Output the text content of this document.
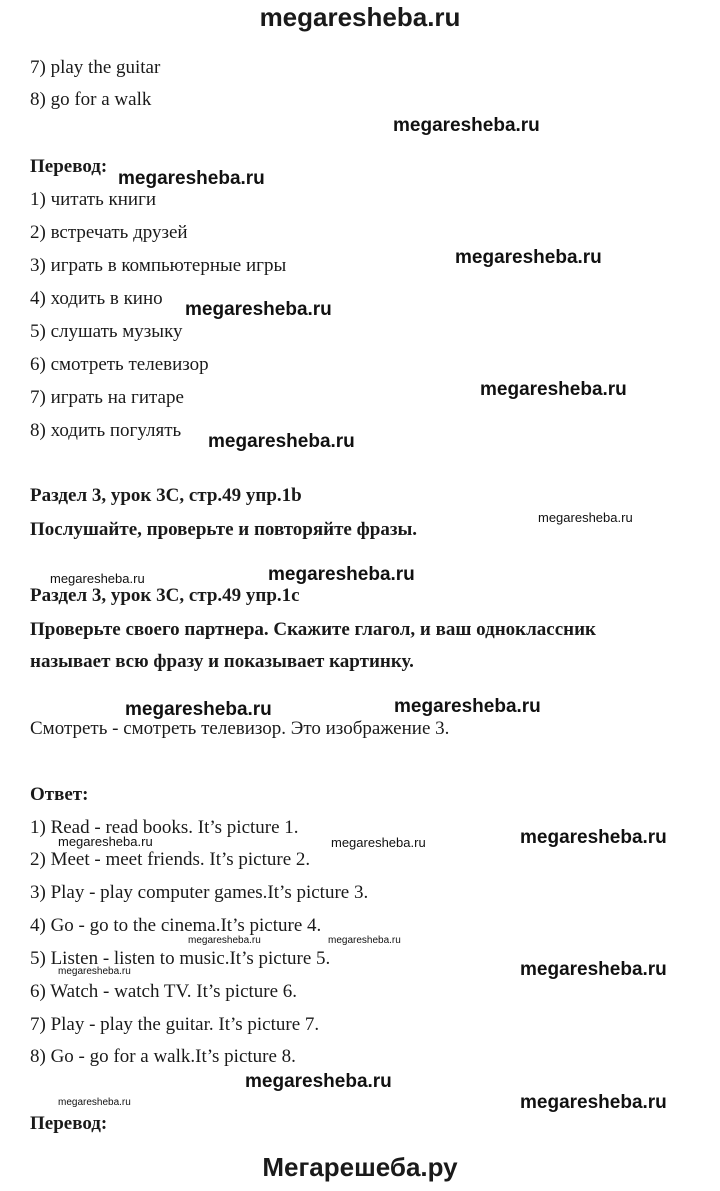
megaresheba.ru
7) play the guitar
8) go for a walk
Перевод:
1) читать книги
2) встречать друзей
3) играть в компьютерные игры
4) ходить в кино
5) слушать музыку
6) смотреть телевизор
7) играть на гитаре
8) ходить погулять
Раздел 3, урок 3C, стр.49 упр.1b
Послушайте, проверьте и повторяйте фразы.
Раздел 3, урок 3C, стр.49 упр.1c
Проверьте своего партнера. Скажите глагол, и ваш одноклассник
называет всю фразу и показывает картинку.
Смотреть - смотреть телевизор. Это изображение 3.
Ответ:
1) Read - read books. It’s picture 1.
2) Meet - meet friends. It’s picture 2.
3) Play - play computer games.It’s picture 3.
4) Go - go to the cinema.It’s picture 4.
5) Listen - listen to music.It’s picture 5.
6) Watch - watch TV. It’s picture 6.
7) Play - play the guitar. It’s picture 7.
8) Go - go for a walk.It’s picture 8.
Перевод:
megaresheba.ru
megaresheba.ru
megaresheba.ru
megaresheba.ru
megaresheba.ru
megaresheba.ru
megaresheba.ru
megaresheba.ru	megaresheba.ru
megaresheba.ru	megaresheba.ru
megaresheba.ru	megaresheba.ru	megaresheba.ru
megaresheba.ru	megaresheba.ru
megaresheba.ru	megaresheba.ru
megaresheba.ru
megaresheba.ru	megaresheba.ru
Мегарешеба.ру
